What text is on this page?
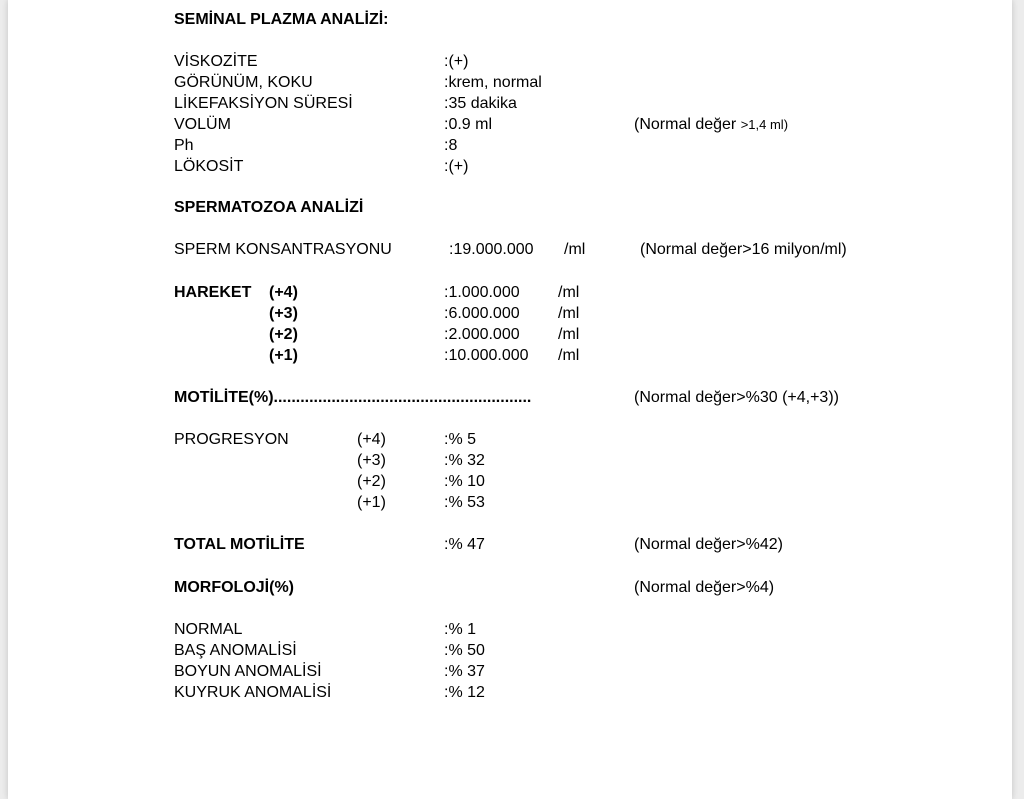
SEMİNAL PLAZMA ANALİZİ:
VİSKOZİTE	:(+)
GÖRÜNÜM, KOKU	:krem, normal
LİKEFAKSİYON SÜRESİ	:35 dakika
VOLÜM	:0.9 ml	(Normal değer >1,4 ml)
Ph	:8
LÖKOSİT	:(+)
SPERMATOZOA ANALİZİ
SPERM KONSANTRASYONU	:19.000.000 /ml	(Normal değer>16 milyon/ml)
HAREKET (+4)	:1.000.000 /ml
(+3)	:6.000.000 /ml
(+2)	:2.000.000 /ml
(+1)	:10.000.000 /ml
MOTİLİTE(%)..........................................................	(Normal değer>%30 (+4,+3))
PROGRESYON	(+4)	:% 5
(+3)	:% 32
(+2)	:% 10
(+1)	:% 53
TOTAL MOTİLİTE	:% 47	(Normal değer>%42)
MORFOLOJİ(%)	(Normal değer>%4)
NORMAL	:% 1
BAŞ ANOMALİSİ	:% 50
BOYUN ANOMALİSİ	:% 37
KUYRUK ANOMALİSİ	:% 12
